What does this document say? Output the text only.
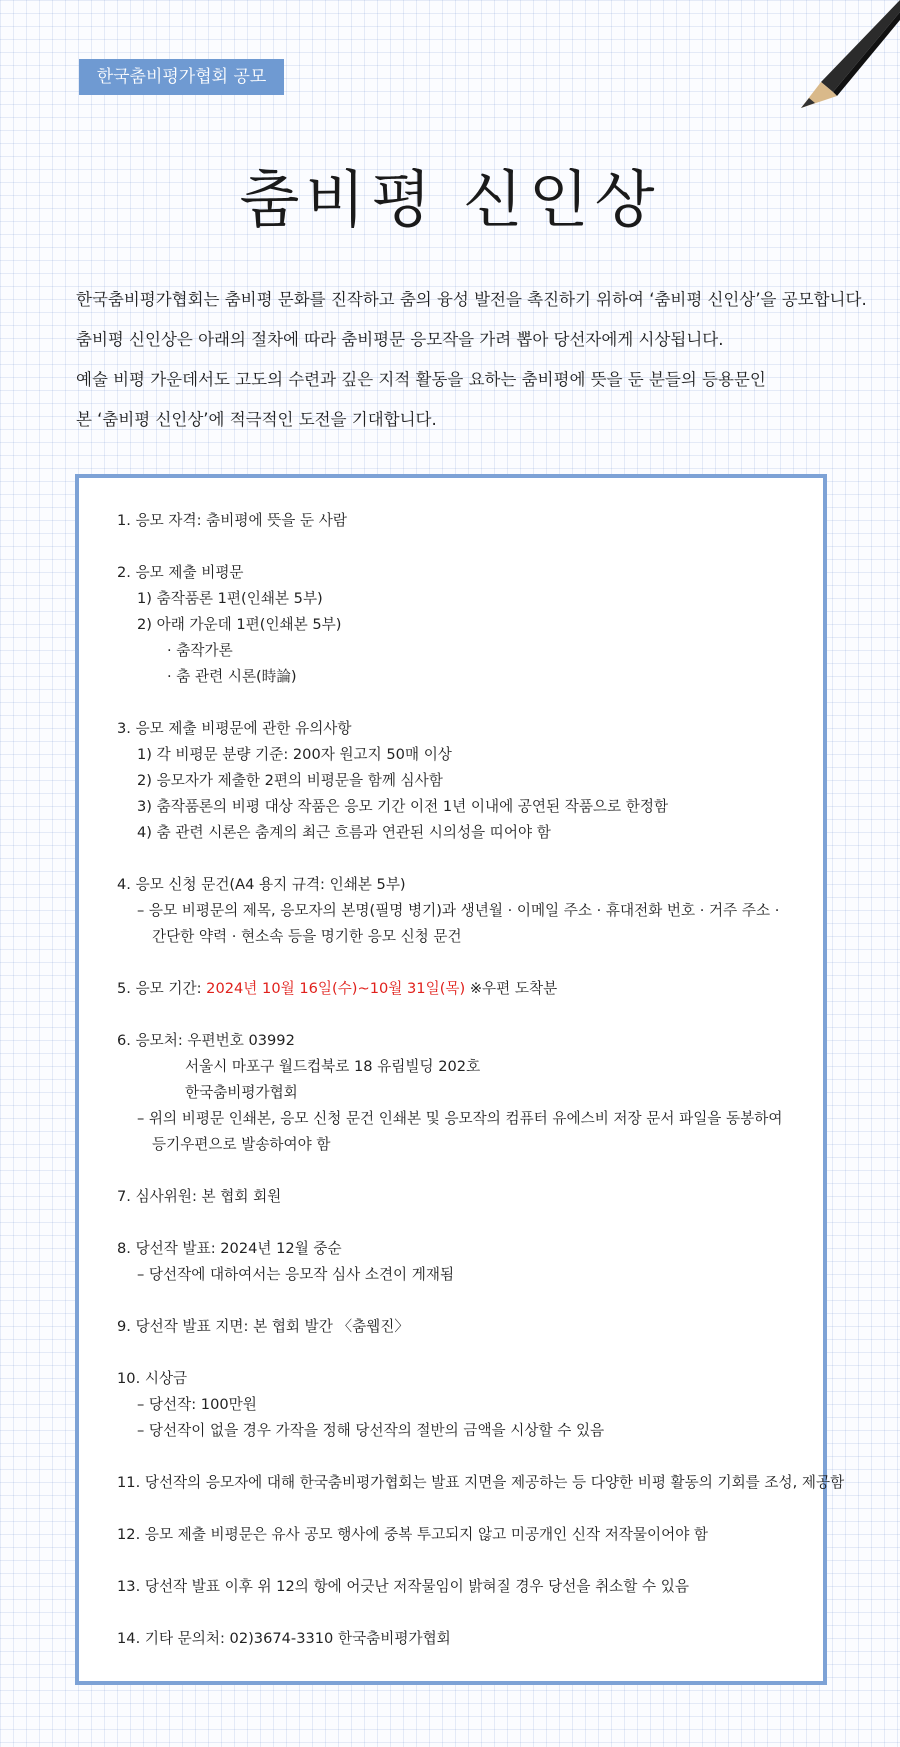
한국춤비평가협회 공모
춤비평 신인상

한국춤비평가협회는 춤비평 문화를 진작하고 춤의 융성 발전을 촉진하기 위하여 ‘춤비평 신인상’을 공모합니다.

춤비평 신인상은 아래의 절차에 따라 춤비평문 응모작을 가려 뽑아 당선자에게 시상됩니다.

예술 비평 가운데서도 고도의 수련과 깊은 지적 활동을 요하는 춤비평에 뜻을 둔 분들의 등용문인

본 ‘춤비평 신인상’에 적극적인 도전을 기대합니다.

1. 응모 자격: 춤비평에 뜻을 둔 사람
2. 응모 제출 비평문
1) 춤작품론 1편(인쇄본 5부)
2) 아래 가운데 1편(인쇄본 5부)
· 춤작가론
· 춤 관련 시론(時論)
3. 응모 제출 비평문에 관한 유의사항
1) 각 비평문 분량 기준: 200자 원고지 50매 이상
2) 응모자가 제출한 2편의 비평문을 함께 심사함
3) 춤작품론의 비평 대상 작품은 응모 기간 이전 1년 이내에 공연된 작품으로 한정함
4) 춤 관련 시론은 춤계의 최근 흐름과 연관된 시의성을 띠어야 함
4. 응모 신청 문건(A4 용지 규격: 인쇄본 5부)
– 응모 비평문의 제목, 응모자의 본명(필명 병기)과 생년월 · 이메일 주소 · 휴대전화 번호 · 거주 주소 ·
간단한 약력 · 현소속 등을 명기한 응모 신청 문건
5. 응모 기간: 2024년 10월 16일(수)~10월 31일(목) ※우편 도착분
6. 응모처: 우편번호 03992
서울시 마포구 월드컵북로 18 유림빌딩 202호
한국춤비평가협회
– 위의 비평문 인쇄본, 응모 신청 문건 인쇄본 및 응모작의 컴퓨터 유에스비 저장 문서 파일을 동봉하여
등기우편으로 발송하여야 함
7. 심사위원: 본 협회 회원
8. 당선작 발표: 2024년 12월 중순
– 당선작에 대하여서는 응모작 심사 소견이 게재됨
9. 당선작 발표 지면: 본 협회 발간 〈춤웹진〉
10. 시상금
– 당선작: 100만원
– 당선작이 없을 경우 가작을 정해 당선작의 절반의 금액을 시상할 수 있음
11. 당선작의 응모자에 대해 한국춤비평가협회는 발표 지면을 제공하는 등 다양한 비평 활동의 기회를 조성, 제공함
12. 응모 제출 비평문은 유사 공모 행사에 중복 투고되지 않고 미공개인 신작 저작물이어야 함
13. 당선작 발표 이후 위 12의 항에 어긋난 저작물임이 밝혀질 경우 당선을 취소할 수 있음
14. 기타 문의처: 02)3674-3310 한국춤비평가협회
